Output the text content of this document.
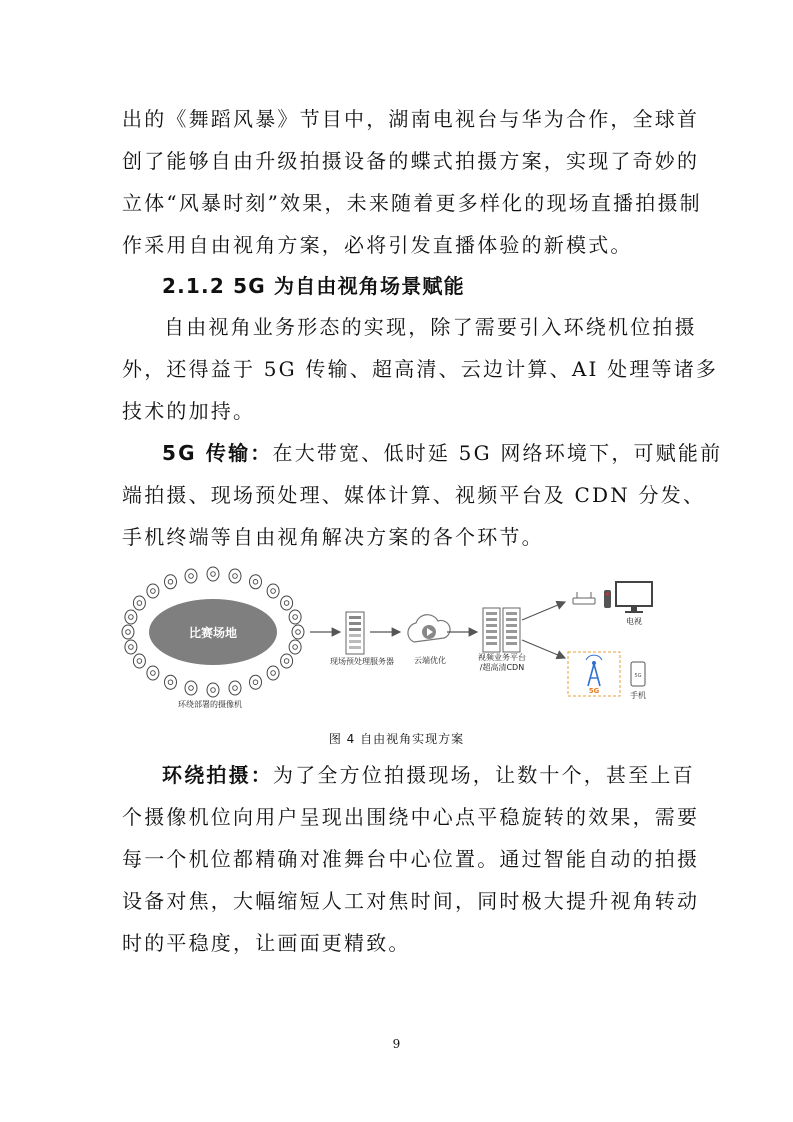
出的《舞蹈风暴》节目中，湖南电视台与华为合作，全球首
创了能够自由升级拍摄设备的蝶式拍摄方案，实现了奇妙的
立体“风暴时刻”效果，未来随着更多样化的现场直播拍摄制
作采用自由视角方案，必将引发直播体验的新模式。
2.1.2 5G 为自由视角场景赋能
自由视角业务形态的实现，除了需要引入环绕机位拍摄
外，还得益于 5G 传输、超高清、云边计算、AI 处理等诸多
技术的加持。
5G 传输：在大带宽、低时延 5G 网络环境下，可赋能前
端拍摄、现场预处理、媒体计算、视频平台及 CDN 分发、
手机终端等自由视角解决方案的各个环节。
比赛场地
环绕部署的摄像机
现场预处理服务器	云端优化	视频业务平台
/超高清CDN
电视
5G
5G
手机
图 4 自由视角实现方案
环绕拍摄：为了全方位拍摄现场，让数十个，甚至上百
个摄像机位向用户呈现出围绕中心点平稳旋转的效果，需要
每一个机位都精确对准舞台中心位置。通过智能自动的拍摄
设备对焦，大幅缩短人工对焦时间，同时极大提升视角转动
时的平稳度，让画面更精致。
9
